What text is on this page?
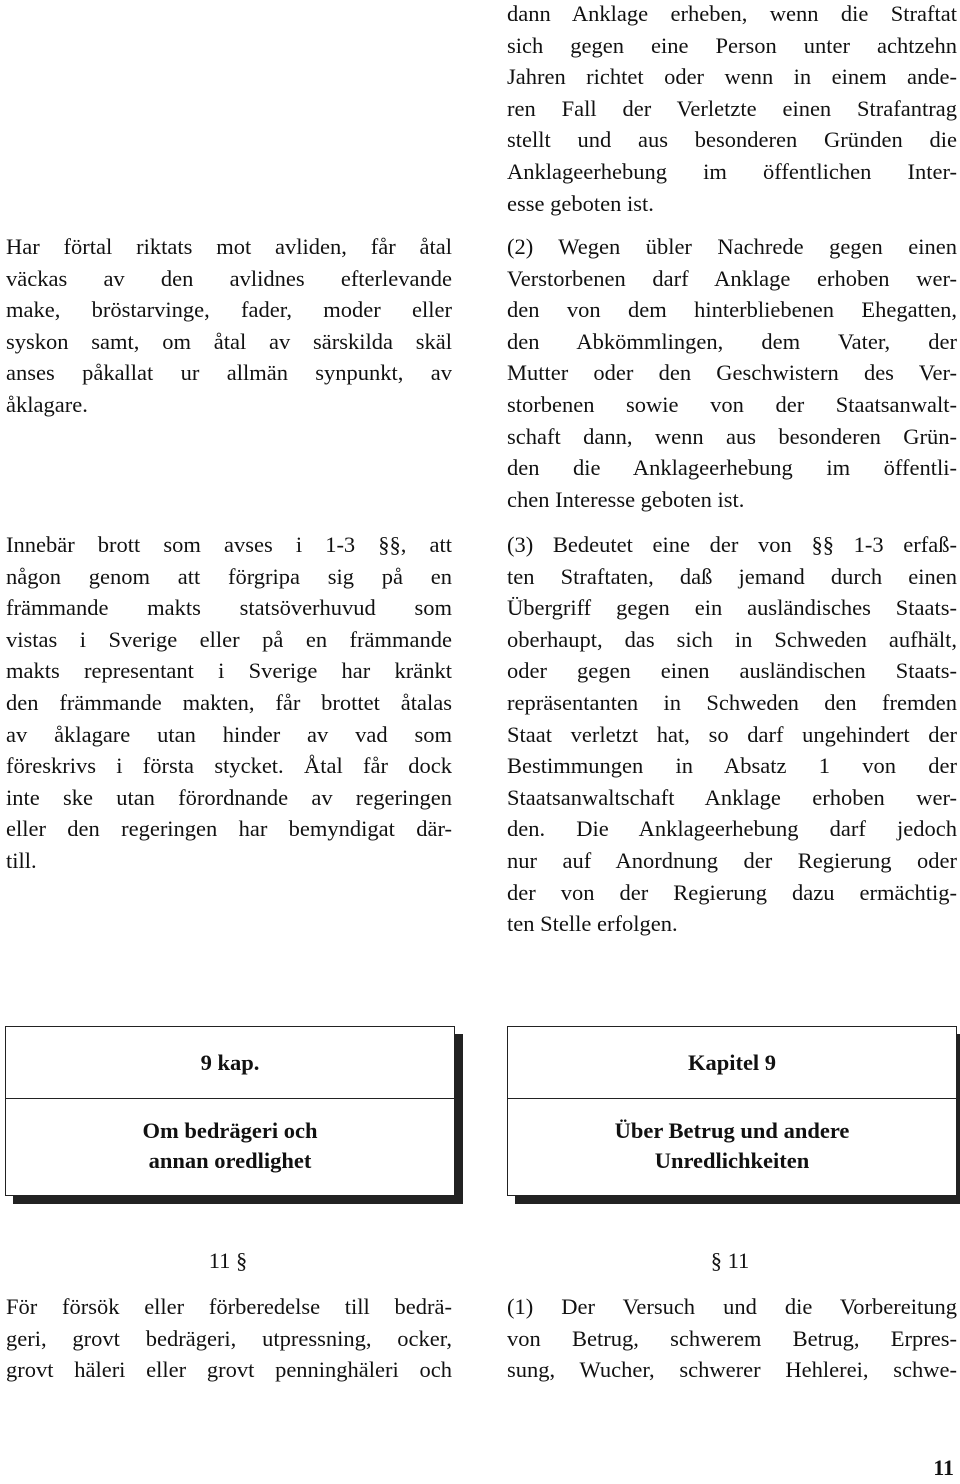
dann Anklage erheben, wenn die Straftat
sich gegen eine Person unter achtzehn
Jahren richtet oder wenn in einem ande-
ren Fall der Verletzte einen Strafantrag
stellt und aus besonderen Gründen die
Anklageerhebung im öffentlichen Inter-
esse geboten ist.
Har förtal riktats mot avliden, får åtal
väckas av den avlidnes efterlevande
make, bröstarvinge, fader, moder eller
syskon samt, om åtal av särskilda skäl
anses påkallat ur allmän synpunkt, av
åklagare.
(2) Wegen übler Nachrede gegen einen
Verstorbenen darf Anklage erhoben wer-
den von dem hinterbliebenen Ehegatten,
den Abkömmlingen, dem Vater, der
Mutter oder den Geschwistern des Ver-
storbenen sowie von der Staatsanwalt-
schaft dann, wenn aus besonderen Grün-
den die Anklageerhebung im öffentli-
chen Interesse geboten ist.
Innebär brott som avses i 1-3 §§, att
någon genom att förgripa sig på en
främmande makts statsöverhuvud som
vistas i Sverige eller på en främmande
makts representant i Sverige har kränkt
den främmande makten, får brottet åtalas
av åklagare utan hinder av vad som
föreskrivs i första stycket. Åtal får dock
inte ske utan förordnande av regeringen
eller den regeringen har bemyndigat där-
till.
(3) Bedeutet eine der von §§ 1-3 erfaß-
ten Straftaten, daß jemand durch einen
Übergriff gegen ein ausländisches Staats-
oberhaupt, das sich in Schweden aufhält,
oder gegen einen ausländischen Staats-
repräsentanten in Schweden den fremden
Staat verletzt hat, so darf ungehindert der
Bestimmungen in Absatz 1 von der
Staatsanwaltschaft Anklage erhoben wer-
den. Die Anklageerhebung darf jedoch
nur auf Anordnung der Regierung oder
der von der Regierung dazu ermächtig-
ten Stelle erfolgen.
9 kap.
Om bedrägeri och
annan oredlighet
Kapitel 9
Über Betrug und andere
Unredlichkeiten
11 §	§ 11
För försök eller förberedelse till bedrä-
geri, grovt bedrägeri, utpressning, ocker,
grovt häleri eller grovt penninghäleri och
(1) Der Versuch und die Vorbereitung
von Betrug, schwerem Betrug, Erpres-
sung, Wucher, schwerer Hehlerei, schwe-
11
